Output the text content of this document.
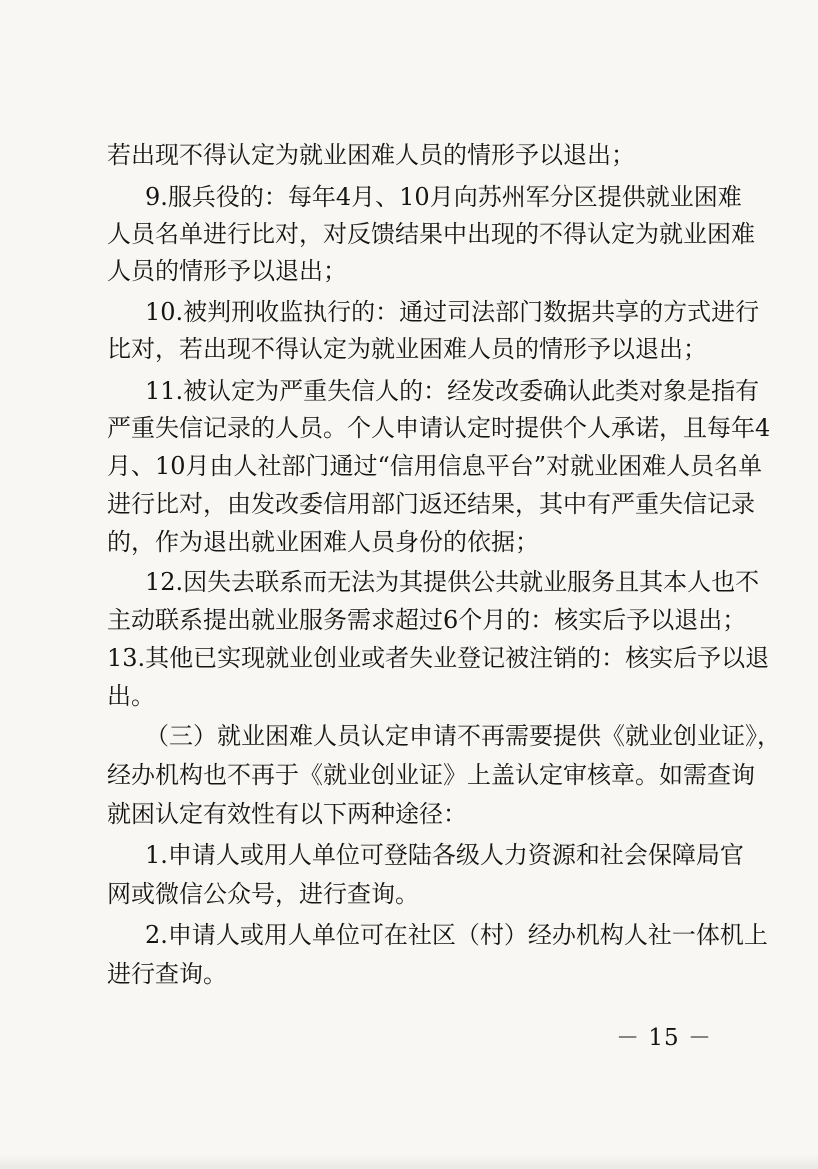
若出现不得认定为就业困难人员的情形予以退出；
9.服兵役的：每年4月、10月向苏州军分区提供就业困难
人员名单进行比对，对反馈结果中出现的不得认定为就业困难
人员的情形予以退出；
10.被判刑收监执行的：通过司法部门数据共享的方式进行
比对，若出现不得认定为就业困难人员的情形予以退出；
11.被认定为严重失信人的：经发改委确认此类对象是指有
严重失信记录的人员。个人申请认定时提供个人承诺，且每年4
月、10月由人社部门通过“信用信息平台”对就业困难人员名单
进行比对，由发改委信用部门返还结果，其中有严重失信记录
的，作为退出就业困难人员身份的依据；
12.因失去联系而无法为其提供公共就业服务且其本人也不
主动联系提出就业服务需求超过6个月的：核实后予以退出；
13.其他已实现就业创业或者失业登记被注销的：核实后予以退
出。
（三）就业困难人员认定申请不再需要提供《就业创业证》，
经办机构也不再于《就业创业证》上盖认定审核章。如需查询
就困认定有效性有以下两种途径：
1.申请人或用人单位可登陆各级人力资源和社会保障局官
网或微信公众号，进行查询。
2.申请人或用人单位可在社区（村）经办机构人社一体机上
进行查询。
－ 15 －
